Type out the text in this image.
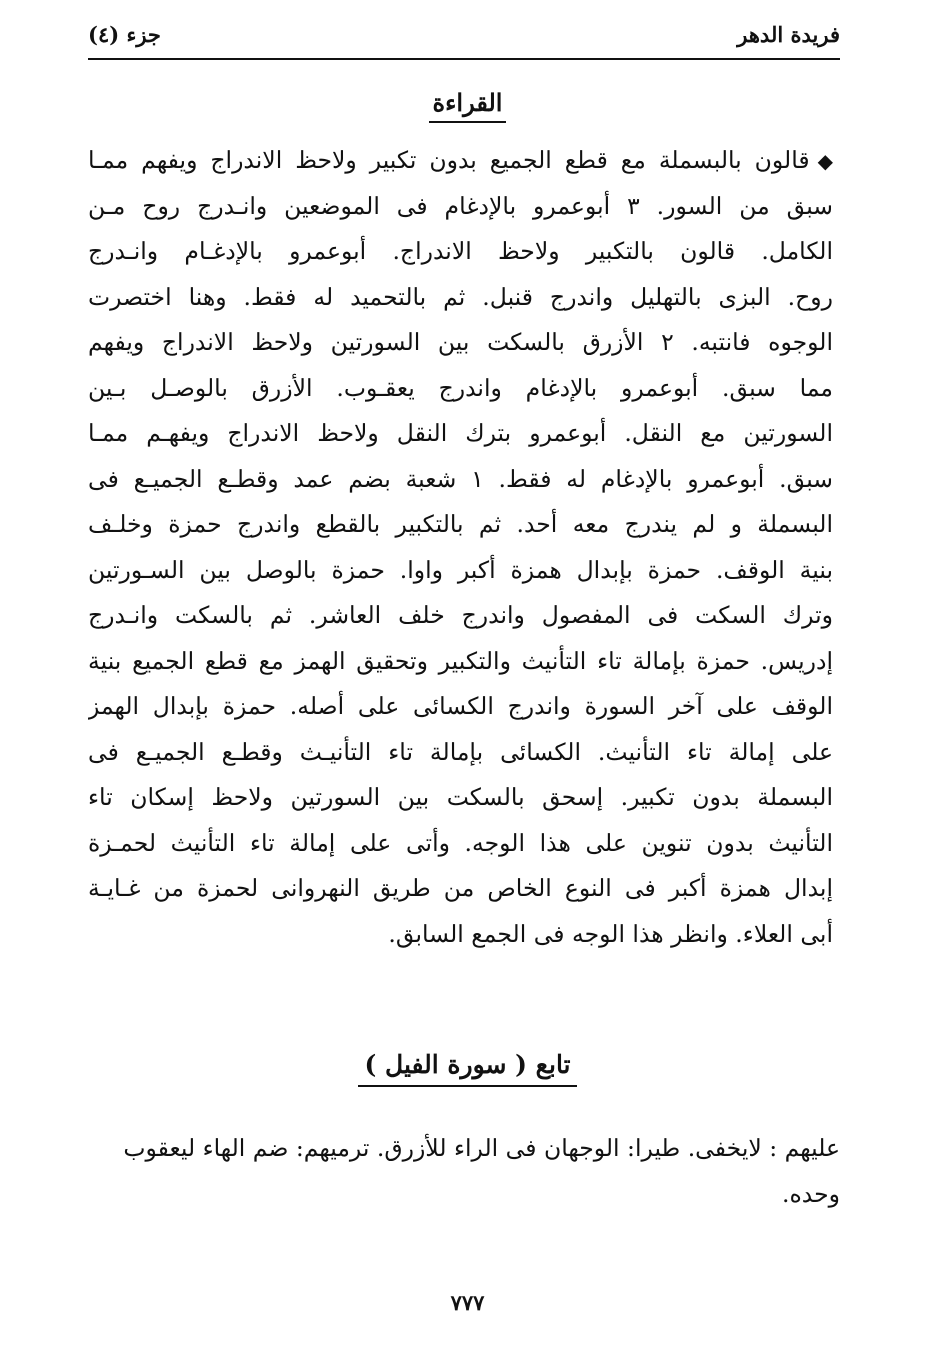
فريدة الدهر
جزء (٤)
القراءة
◆قالون بالبسملة مع قطع الجميع بدون تكبير ولاحظ الاندراج ويفهم ممـا
سبق من السور. ٣ أبوعمرو بالإدغام فى الموضعين وانـدرج روح مـن
الكامل. قالون بالتكبير ولاحظ الاندراج. أبوعمرو بالإدغـام وانـدرج
روح. البزى بالتهليل واندرج قنبل. ثم بالتحميد له فقط. وهنا اختصرت
الوجوه فانتبه. ٢ الأزرق بالسكت بين السورتين ولاحظ الاندراج ويفهم
مما سبق. أبوعمرو بالإدغام واندرج يعقـوب. الأزرق بالوصـل بـين
السورتين مع النقل. أبوعمرو بترك النقل ولاحظ الاندراج ويفهـم ممـا
سبق. أبوعمرو بالإدغام له فقط. ١ شعبة بضم عمد وقطـع الجميـع فى
البسملة و لم يندرج معه أحد. ثم بالتكبير بالقطع واندرج حمزة وخلـف
بنية الوقف. حمزة بإبدال همزة أكبر واوا. حمزة بالوصل بين السـورتين
وترك السكت فى المفصول واندرج خلف العاشر. ثم بالسكت وانـدرج
إدريس. حمزة بإمالة تاء التأنيث والتكبير وتحقيق الهمز مع قطع الجميع بنية
الوقف على آخر السورة واندرج الكسائى على أصله. حمزة بإبدال الهمز
على إمالة تاء التأنيث. الكسائى بإمالة تاء التأنيـث وقطـع الجميـع فى
البسملة بدون تكبير. إسحق بالسكت بين السورتين ولاحظ إسكان تاء
التأنيث بدون تنوين على هذا الوجه. وأتى على إمالة تاء التأنيث لحمـزة
إبدال همزة أكبر فى النوع الخاص من طريق النهروانى لحمزة من غـايـة
أبى العلاء. وانظر هذا الوجه فى الجمع السابق.
تابع ( سورة الفيل )
عليهم : لايخفى. طيرا: الوجهان فى الراء للأزرق. ترميهم: ضم الهاء ليعقوب وحده.
٧٧٧
